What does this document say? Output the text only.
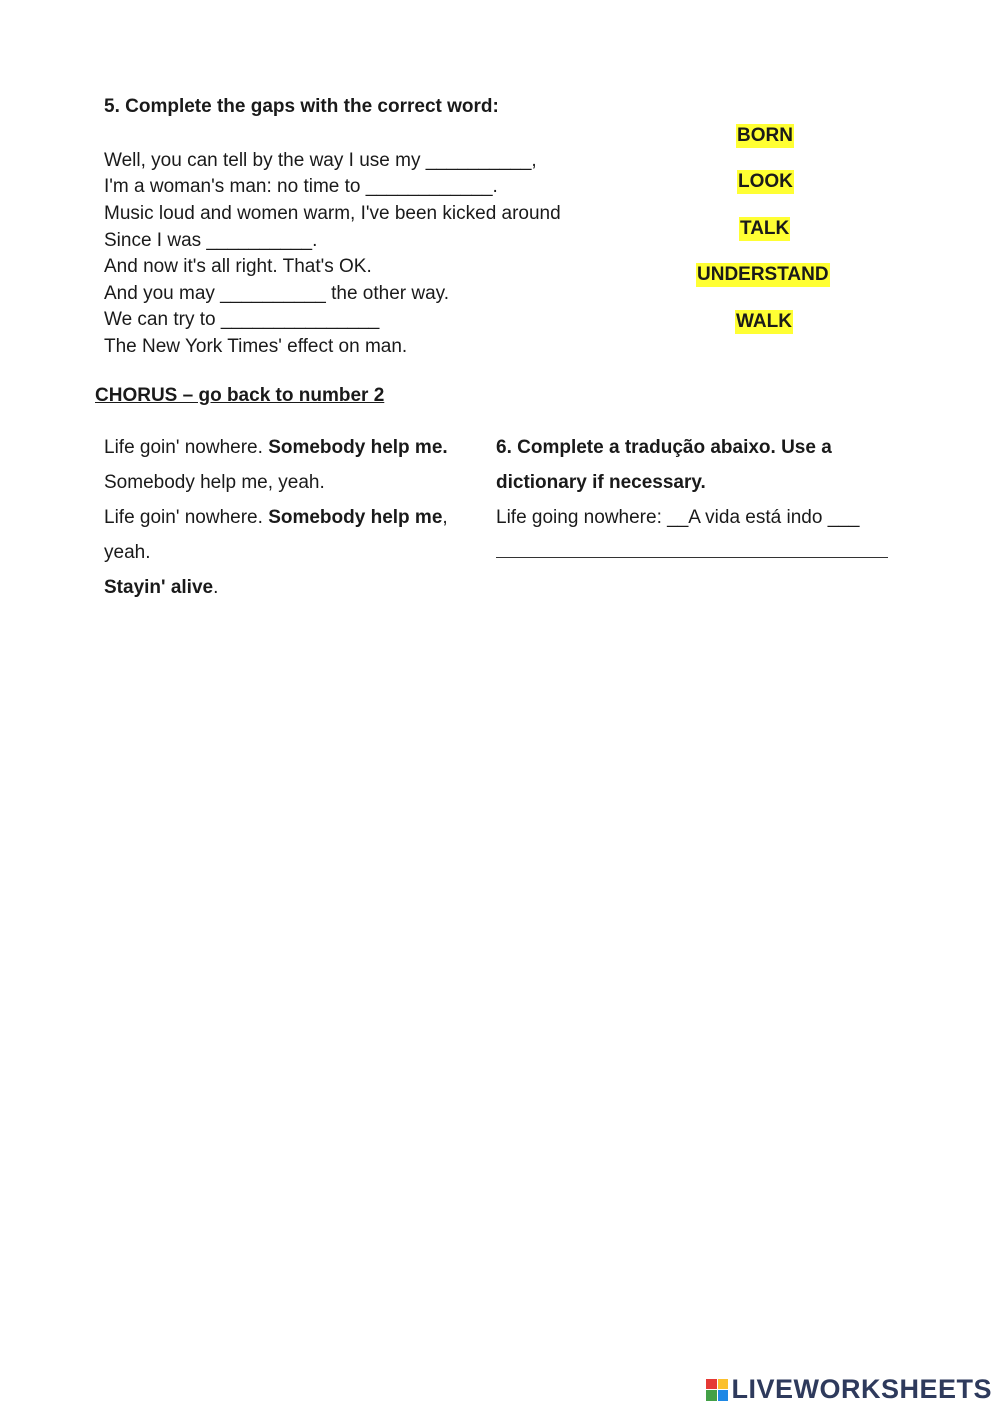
5. Complete the gaps with the correct word:
Well, you can tell by the way I use my __________,
I'm a woman's man: no time to ____________.
Music loud and women warm, I've been kicked around
Since I was __________.
And now it's all right. That's OK.
And you may __________ the other way.
We can try to _______________
The New York Times' effect on man.
BORN
LOOK
TALK
UNDERSTAND
WALK
CHORUS – go back to number 2
Life goin' nowhere. Somebody help me.
Somebody help me, yeah.
Life goin' nowhere. Somebody help me,
yeah.
Stayin' alive.
6. Complete a tradução abaixo. Use a
dictionary if necessary.
Life going nowhere: __A vida está indo ___
LIVEWORKSHEETS
